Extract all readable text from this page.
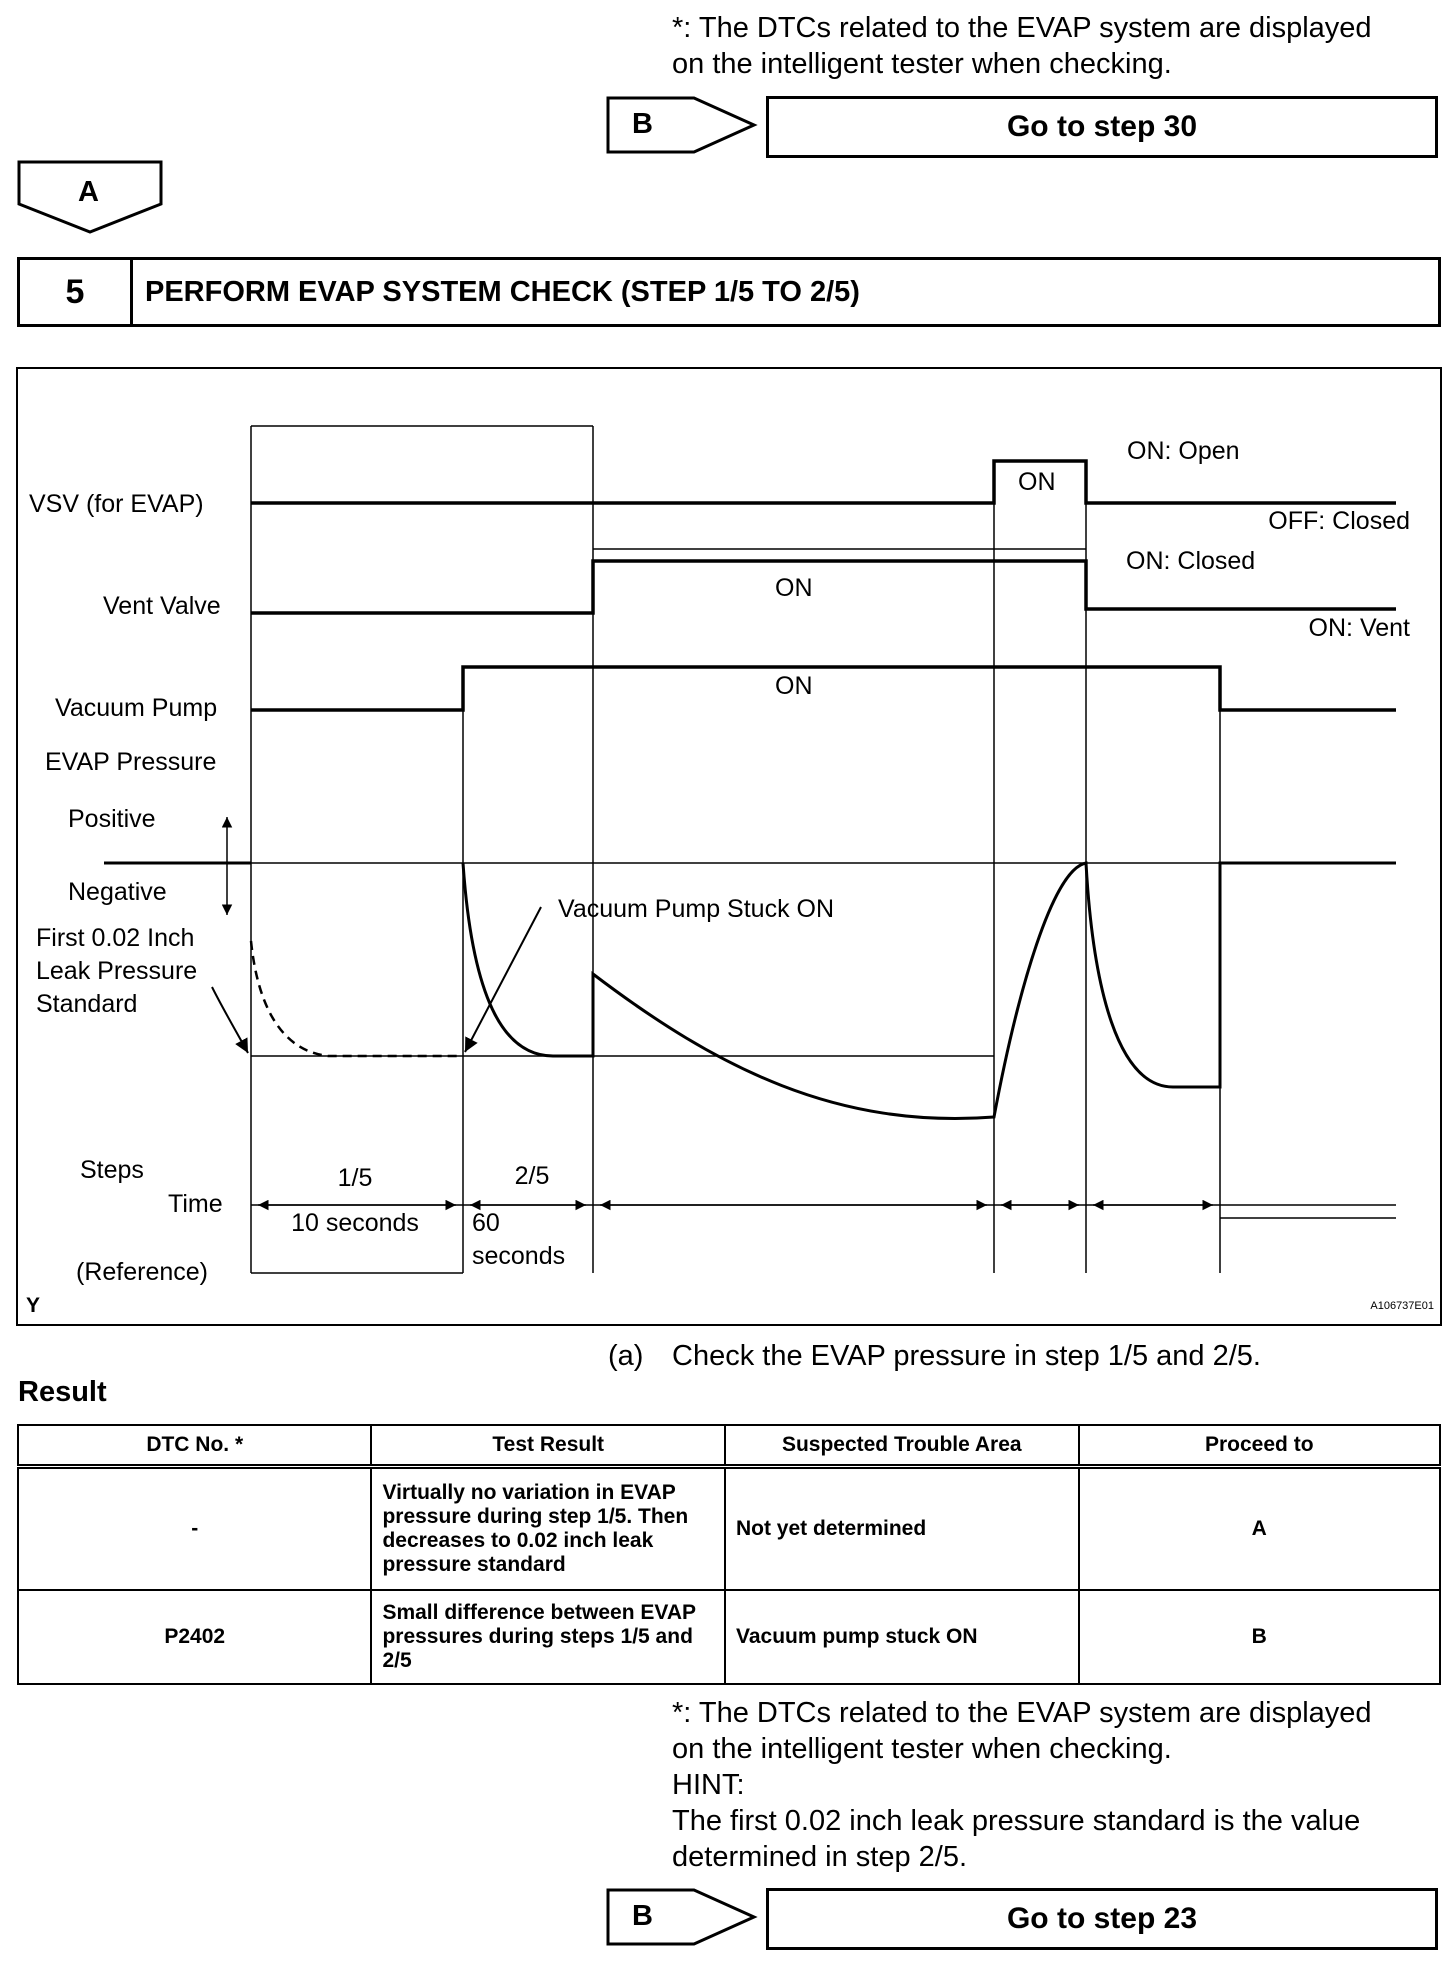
*: The DTCs related to the EVAP system are displayed
on the intelligent tester when checking.
B	Go to step 30
A
5	PERFORM EVAP SYSTEM CHECK (STEP 1/5 TO 2/5)
VSV (for EVAP)
Vent Valve
Vacuum Pump
EVAP Pressure
Positive
Negative
First 0.02 Inch
Leak Pressure
Standard
Steps
Time
(Reference)
ON
ON: Open
OFF: Closed
ON
ON: Closed
ON: Vent
ON
Vacuum Pump Stuck ON
1/5
10 seconds
2/5
60
seconds
Y	A106737E01
(a) Check the EVAP pressure in step 1/5 and 2/5.
Result
DTC No. *	Test Result	Suspected Trouble Area	Proceed to
-	Virtually no variation in EVAP pressure during step 1/5. Then decreases to 0.02 inch leak pressure standard	Not yet determined	A
P2402	Small difference between EVAP pressures during steps 1/5 and 2/5	Vacuum pump stuck ON	B
*: The DTCs related to the EVAP system are displayed
on the intelligent tester when checking.
HINT:
The first 0.02 inch leak pressure standard is the value
determined in step 2/5.
B	Go to step 23
